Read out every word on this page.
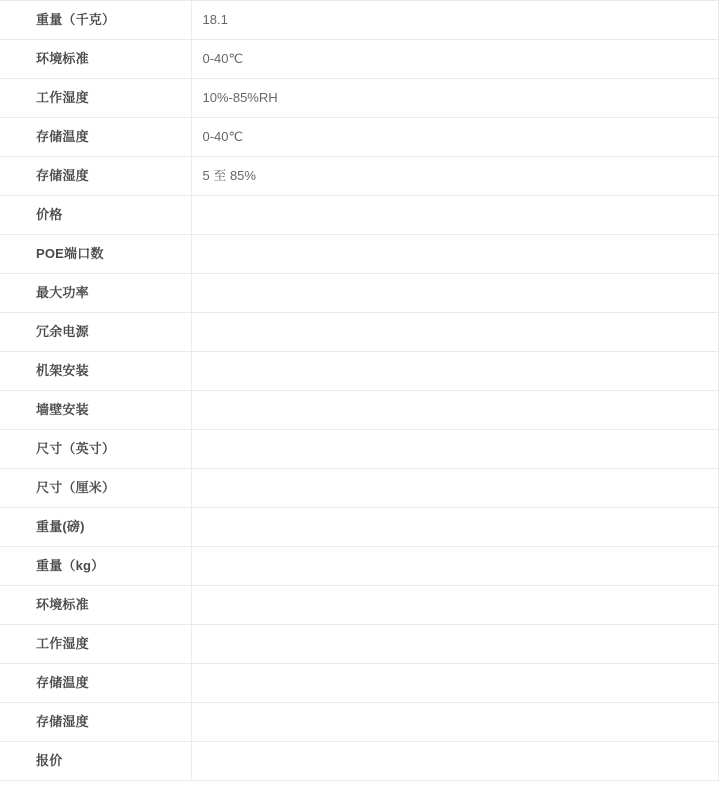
重量（千克）	18.1
环境标准	0-40℃
工作湿度	10%-85%RH
存储温度	0-40℃
存储湿度	5 至 85%
价格	
POE端口数	
最大功率	
冗余电源	
机架安装	
墙壁安装	
尺寸（英寸）	
尺寸（厘米）	
重量(磅)	
重量（kg）	
环境标准	
工作湿度	
存储温度	
存储湿度	
报价	
